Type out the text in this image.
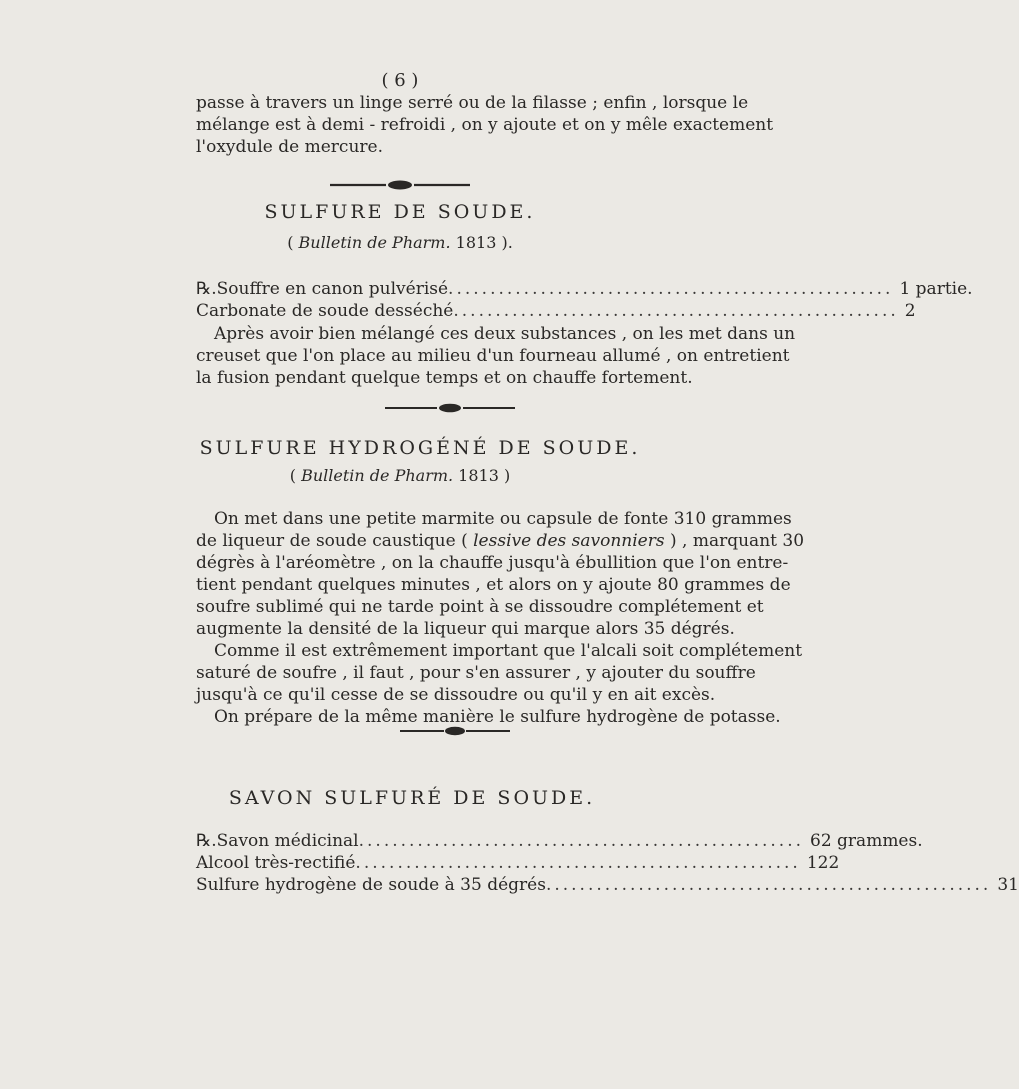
( 6 )
passe à travers un linge serré ou de la filasse ; enfin , lorsque le
mélange est à demi - refroidi , on y ajoute et on y mêle exactement
l'oxydule de mercure.
SULFURE DE SOUDE.
( Bulletin de Pharm. 1813 ).
℞. Souffre en canon pulvérisé ..................................................... 1 partie.
Carbonate de soude desséché ..................................................... 2
Après avoir bien mélangé ces deux substances , on les met dans un
creuset que l'on place au milieu d'un fourneau allumé , on entretient
la fusion pendant quelque temps et on chauffe fortement.
SULFURE HYDROGÉNÉ DE SOUDE.
( Bulletin de Pharm. 1813 )
On met dans une petite marmite ou capsule de fonte 310 grammes
de liqueur de soude caustique ( lessive des savonniers ) , marquant 30
dégrès à l'aréomètre , on la chauffe jusqu'à ébullition que l'on entre-
tient pendant quelques minutes , et alors on y ajoute 80 grammes de
soufre sublimé qui ne tarde point à se dissoudre complétement et
augmente la densité de la liqueur qui marque alors 35 dégrés.
Comme il est extrêmement important que l'alcali soit complétement
saturé de soufre , il faut , pour s'en assurer , y ajouter du souffre
jusqu'à ce qu'il cesse de se dissoudre ou qu'il y en ait excès.
On prépare de la même manière le sulfure hydrogène de potasse.
SAVON SULFURÉ DE SOUDE.
℞. Savon médicinal ..................................................... 62 grammes.
Alcool très-rectifié ..................................................... 122
Sulfure hydrogène de soude à 35 dégrés ..................................................... 31
